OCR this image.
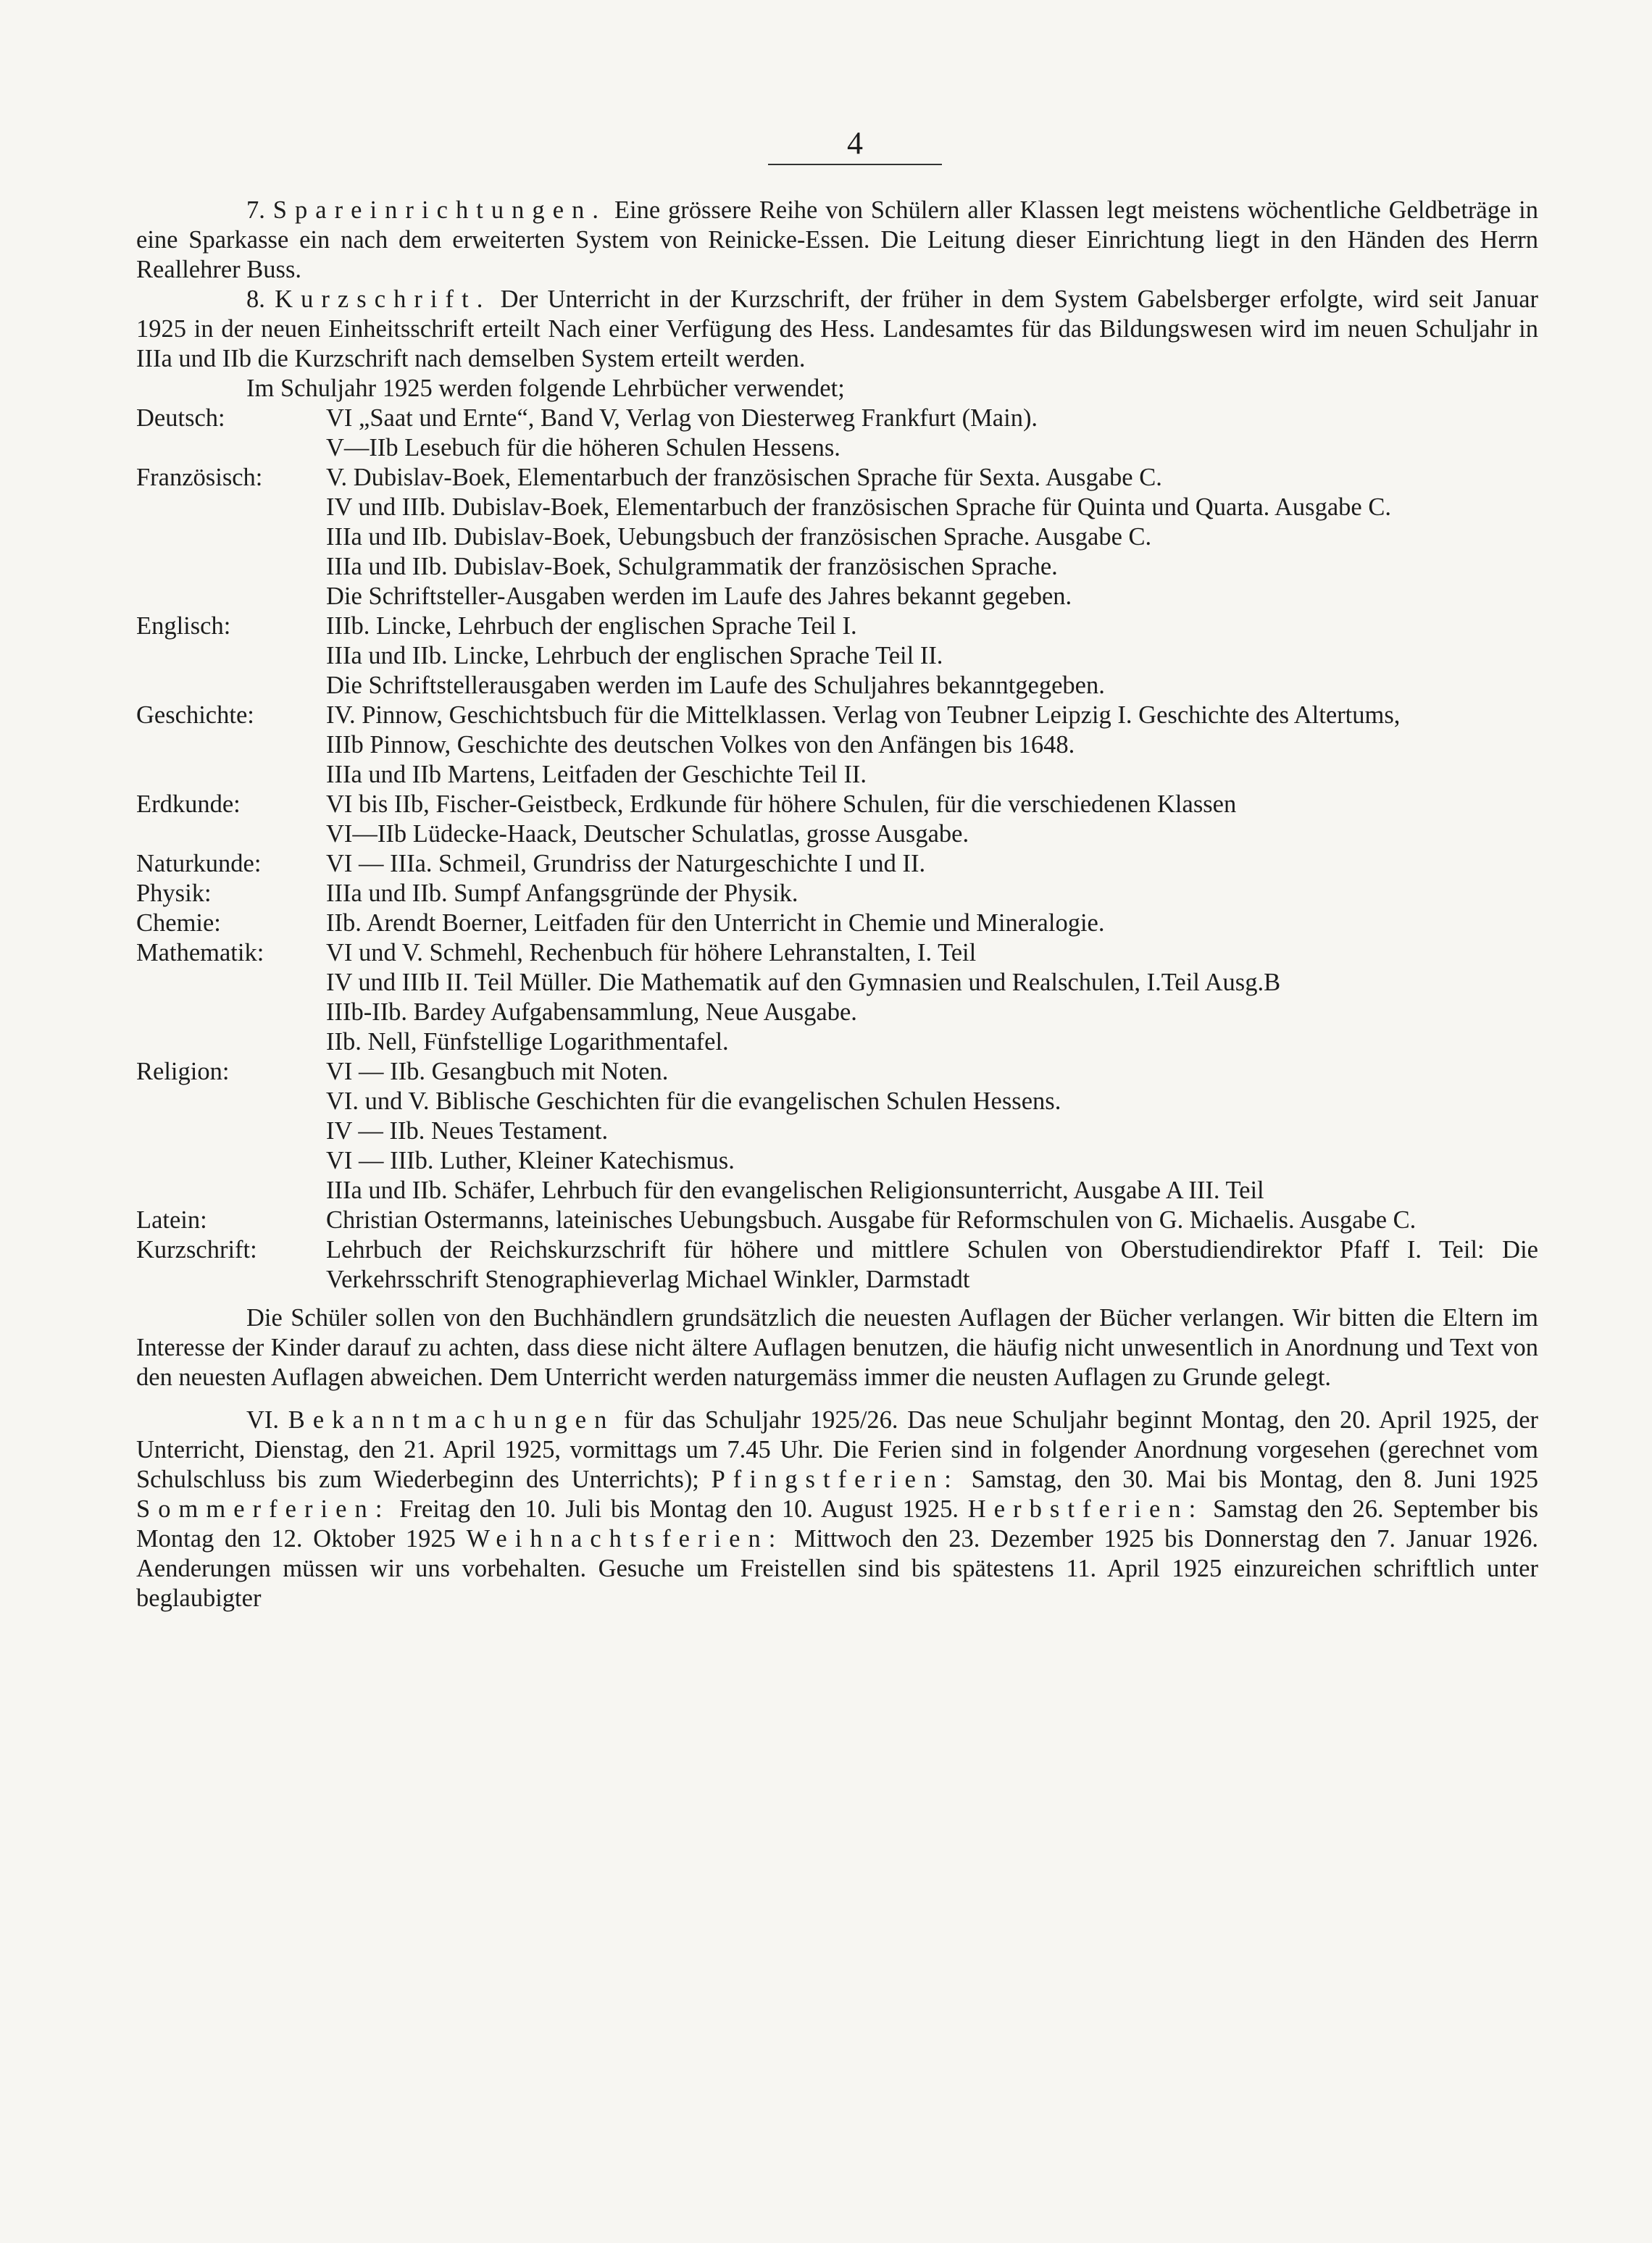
4

7. Spareinrichtungen. Eine grössere Reihe von Schülern aller Klassen legt meistens wöchentliche Geldbeträge in eine Sparkasse ein nach dem erweiterten System von Reinicke-Essen. Die Leitung dieser Einrichtung liegt in den Händen des Herrn Reallehrer Buss.

8. Kurzschrift. Der Unterricht in der Kurzschrift, der früher in dem System Gabelsberger erfolgte, wird seit Januar 1925 in der neuen Einheitsschrift erteilt Nach einer Verfügung des Hess. Landesamtes für das Bildungswesen wird im neuen Schuljahr in IIIa und IIb die Kurzschrift nach demselben System erteilt werden.

Im Schuljahr 1925 werden folgende Lehrbücher verwendet;

Deutsch:	VI „Saat und Ernte“, Band V, Verlag von Diesterweg Frankfurt (Main).

V—IIb Lesebuch für die höheren Schulen Hessens.

Französisch:	V. Dubislav-Boek, Elementarbuch der französischen Sprache für Sexta. Ausgabe C.

IV und IIIb. Dubislav-Boek, Elementarbuch der französischen Sprache für Quinta und Quarta. Ausgabe C.

IIIa und IIb. Dubislav-Boek, Uebungsbuch der französischen Sprache. Ausgabe C.

IIIa und IIb. Dubislav-Boek, Schulgrammatik der französischen Sprache.

Die Schriftsteller-Ausgaben werden im Laufe des Jahres bekannt gegeben.

Englisch:	IIIb. Lincke, Lehrbuch der englischen Sprache Teil I.

IIIa und IIb. Lincke, Lehrbuch der englischen Sprache Teil II.

Die Schriftstellerausgaben werden im Laufe des Schuljahres bekanntgegeben.

Geschichte:	IV. Pinnow, Geschichtsbuch für die Mittelklassen. Verlag von Teubner Leipzig I. Geschichte des Altertums,

IIIb Pinnow, Geschichte des deutschen Volkes von den Anfängen bis 1648.

IIIa und IIb Martens, Leitfaden der Geschichte Teil II.

Erdkunde:	VI bis IIb, Fischer-Geistbeck, Erdkunde für höhere Schulen, für die verschiedenen Klassen

VI—IIb Lüdecke-Haack, Deutscher Schulatlas, grosse Ausgabe.

Naturkunde:	VI — IIIa. Schmeil, Grundriss der Naturgeschichte I und II.

Physik:	IIIa und IIb. Sumpf Anfangsgründe der Physik.

Chemie:	IIb. Arendt Boerner, Leitfaden für den Unterricht in Chemie und Mineralogie.

Mathematik:	VI und V. Schmehl, Rechenbuch für höhere Lehranstalten, I. Teil

IV und IIIb II. Teil Müller. Die Mathematik auf den Gymnasien und Realschulen, I.Teil Ausg.B

IIIb-IIb. Bardey Aufgabensammlung, Neue Ausgabe.

IIb. Nell, Fünfstellige Logarithmentafel.

Religion:	VI — IIb. Gesangbuch mit Noten.

VI. und V. Biblische Geschichten für die evangelischen Schulen Hessens.

IV — IIb. Neues Testament.

VI — IIIb. Luther, Kleiner Katechismus.

IIIa und IIb. Schäfer, Lehrbuch für den evangelischen Religionsunterricht, Ausgabe A III. Teil

Latein:	Christian Ostermanns, lateinisches Uebungsbuch. Ausgabe für Reformschulen von G. Michaelis. Ausgabe C.

Kurzschrift:	Lehrbuch der Reichskurzschrift für höhere und mittlere Schulen von Oberstudiendirektor Pfaff I. Teil: Die Verkehrsschrift Stenographieverlag Michael Winkler, Darmstadt

Die Schüler sollen von den Buchhändlern grundsätzlich die neuesten Auflagen der Bücher verlangen. Wir bitten die Eltern im Interesse der Kinder darauf zu achten, dass diese nicht ältere Auflagen benutzen, die häufig nicht unwesentlich in Anordnung und Text von den neuesten Auflagen abweichen. Dem Unterricht werden naturgemäss immer die neusten Auflagen zu Grunde gelegt.

VI. Bekanntmachungen für das Schuljahr 1925/26. Das neue Schuljahr beginnt Montag, den 20. April 1925, der Unterricht, Dienstag, den 21. April 1925, vormittags um 7.45 Uhr. Die Ferien sind in folgender Anordnung vorgesehen (gerechnet vom Schulschluss bis zum Wiederbeginn des Unterrichts); Pfingstferien: Samstag, den 30. Mai bis Montag, den 8. Juni 1925 Sommerferien: Freitag den 10. Juli bis Montag den 10. August 1925. Herbstferien: Samstag den 26. September bis Montag den 12. Oktober 1925 Weihnachtsferien: Mittwoch den 23. Dezember 1925 bis Donnerstag den 7. Januar 1926. Aenderungen müssen wir uns vorbehalten. Gesuche um Freistellen sind bis spätestens 11. April 1925 einzureichen schriftlich unter beglaubigter
